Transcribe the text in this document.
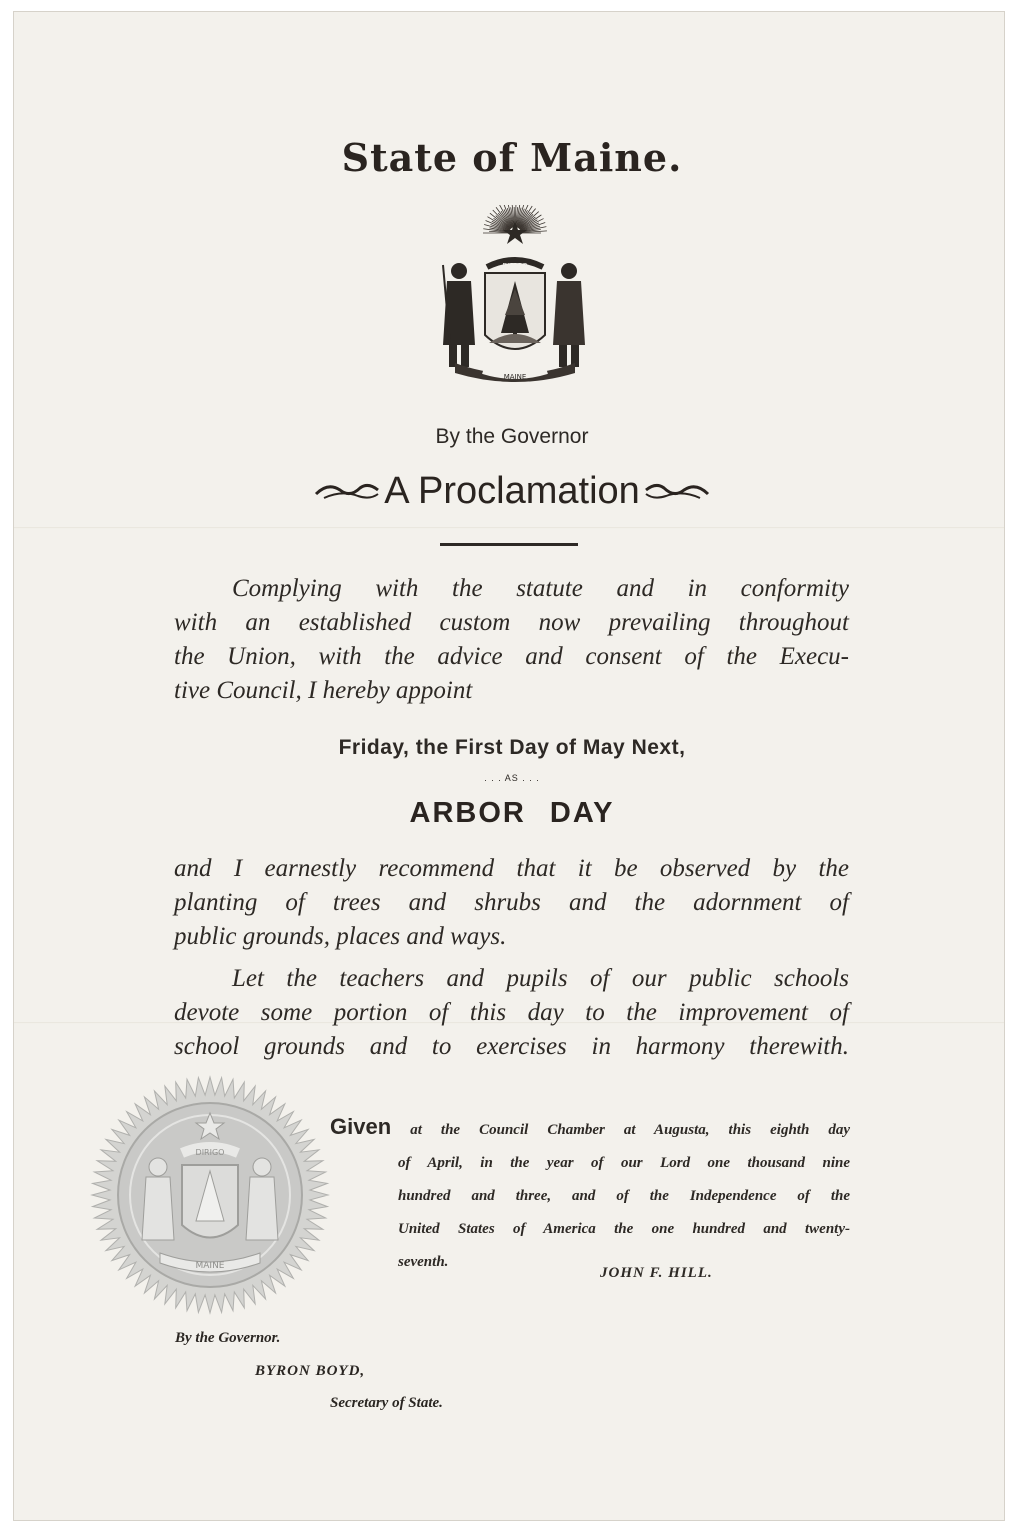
State of Maine.
DIRIGO
MAINE
By the Governor
A Proclamation
Complying with the statute and in conformity
with an established custom now prevailing throughout
the Union, with the advice and consent of the Execu-
tive Council, I hereby appoint
Friday, the First Day of May Next,
. . . AS . . .
ARBOR DAY
and I earnestly recommend that it be observed by the
planting of trees and shrubs and the adornment of
public grounds, places and ways.
Let the teachers and pupils of our public schools
devote some portion of this day to the improvement of
school grounds and to exercises in harmony therewith.
DIRIGO
MAINE
Given at the Council Chamber at Augusta, this eighth day
of April, in the year of our Lord one thousand nine
hundred and three, and of the Independence of the
United States of America the one hundred and twenty-
seventh.
JOHN F. HILL.
By the Governor.
BYRON BOYD,
Secretary of State.
